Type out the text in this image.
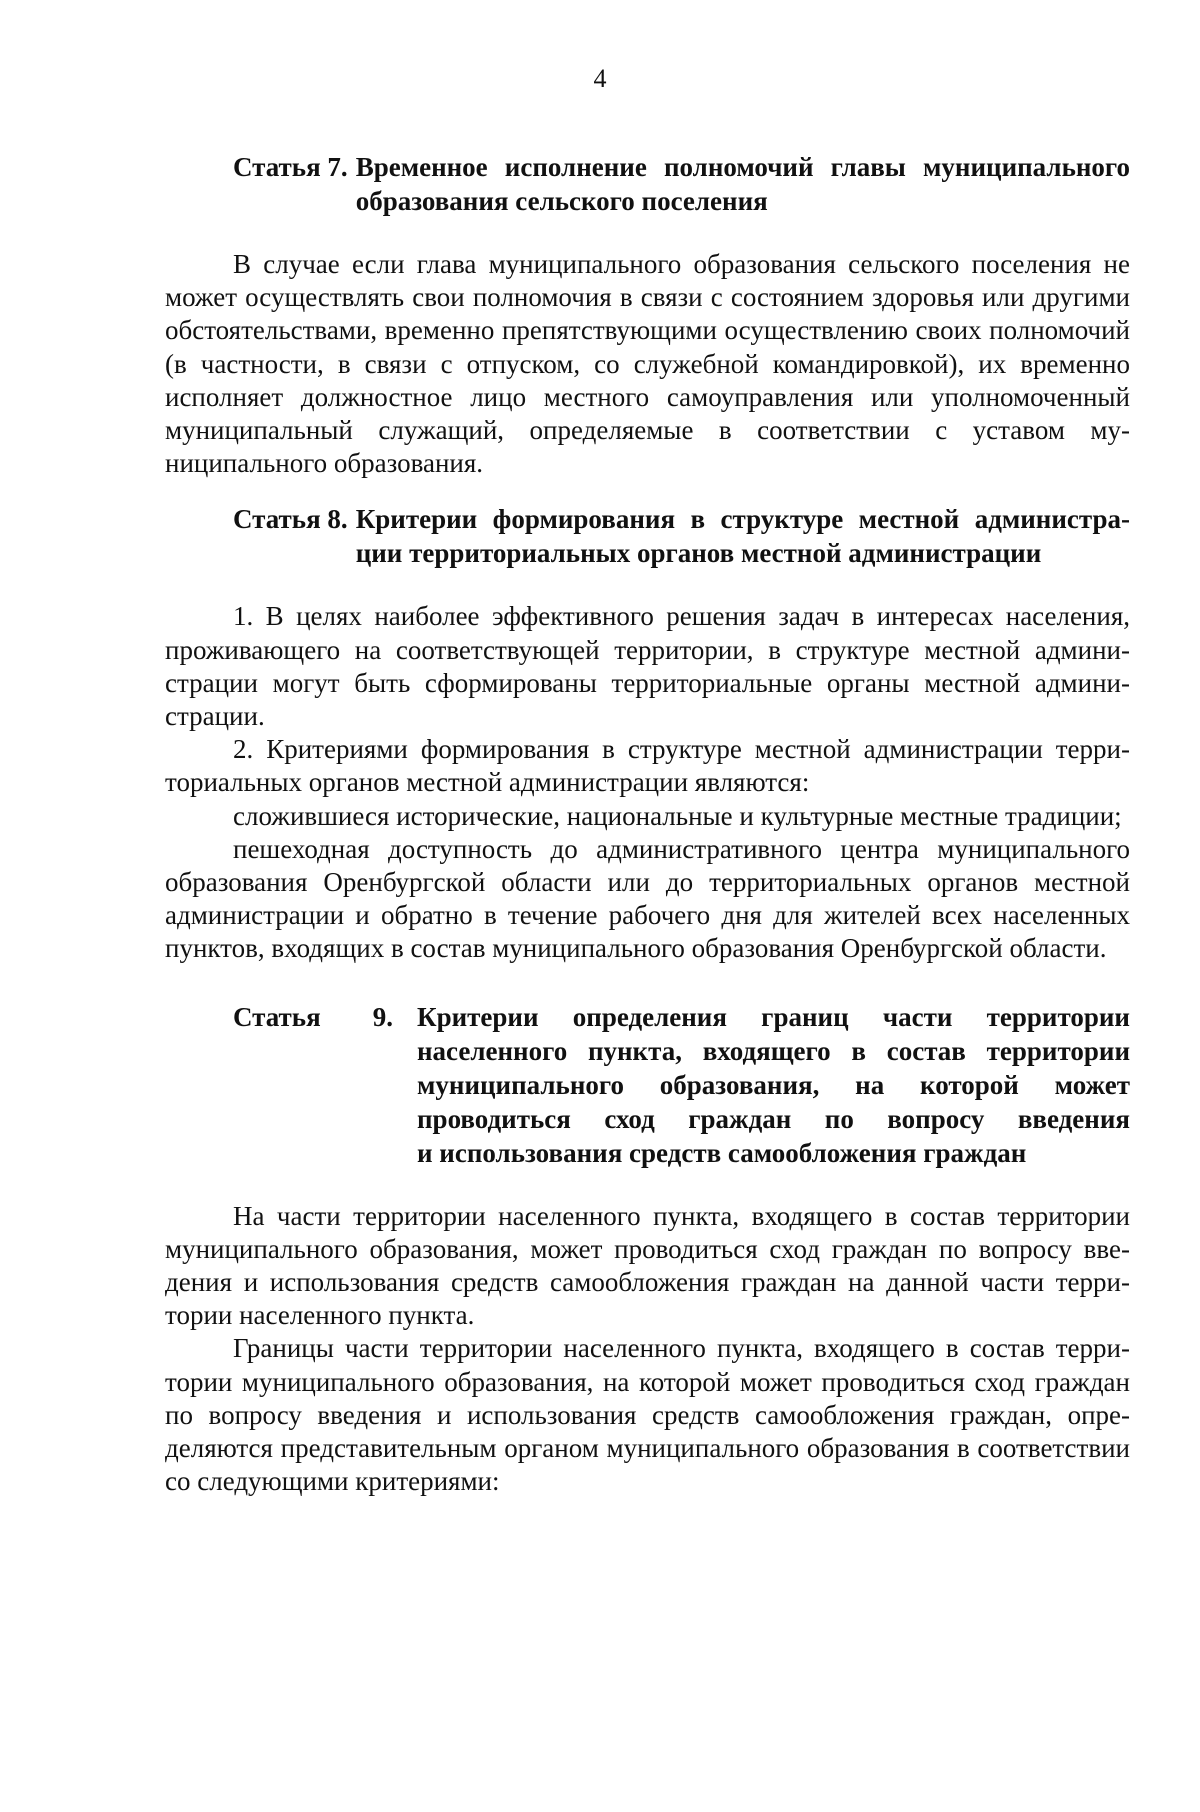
4
Статья 7. Временное исполнение полномочий главы муниципального
образования сельского поселения

В случае если глава муниципального образования сельского поселения не может осуществлять свои полномочия в связи с состоянием здоровья или другими обстоятельствами, временно препятствующими осуществлению своих полномочий (в частности, в связи с отпуском, со служебной командировкой), их временно исполняет должностное лицо местного самоуправления или уполномоченный муниципальный служащий, определяемые в соответствии с уставом муниципального образования.

Статья 8. Критерии формирования в структуре местной администра-
ции территориальных органов местной администрации

1. В целях наиболее эффективного решения задач в интересах населения, проживающего на соответствующей территории, в структуре местной администрации могут быть сформированы территориальные органы местной администрации.

2. Критериями формирования в структуре местной администрации территориальных органов местной администрации являются:

сложившиеся исторические, национальные и культурные местные традиции;

пешеходная доступность до административного центра муниципального образования Оренбургской области или до территориальных органов местной администрации и обратно в течение рабочего дня для жителей всех населенных пунктов, входящих в состав муниципального образования Оренбургской области.

Статья 9. Критерии определения границ части территории
населенного пункта, входящего в состав территории
муниципального образования, на которой может
проводиться сход граждан по вопросу введения
и использования средств самообложения граждан

На части территории населенного пункта, входящего в состав территории муниципального образования, может проводиться сход граждан по вопросу введения и использования средств самообложения граждан на данной части территории населенного пункта.

Границы части территории населенного пункта, входящего в состав территории муниципального образования, на которой может проводиться сход граждан по вопросу введения и использования средств самообложения граждан, определяются представительным органом муниципального образования в соответствии со следующими критериями:
